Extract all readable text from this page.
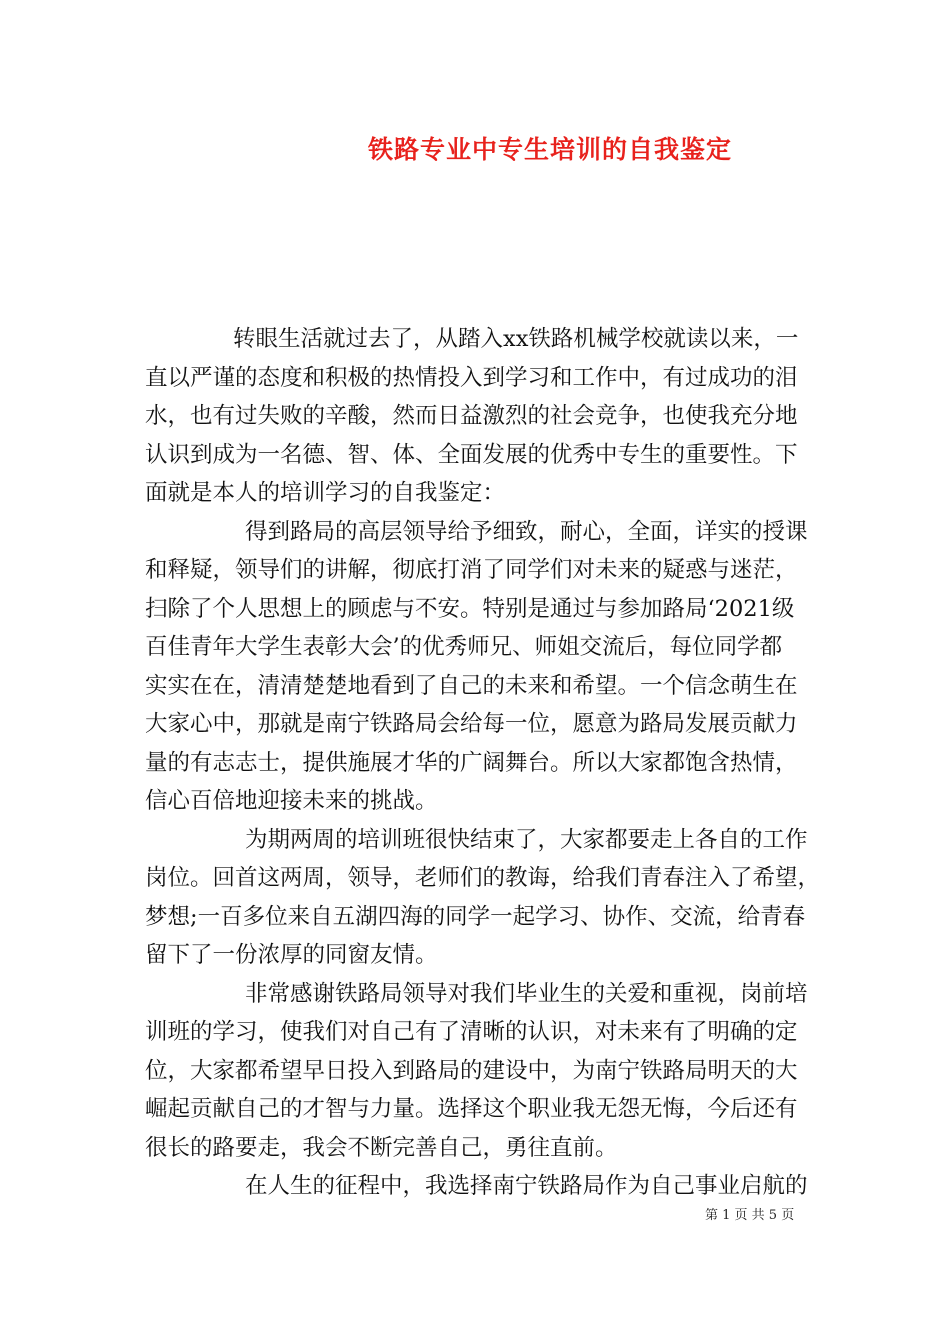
铁路专业中专生培训的自我鉴定
转眼生活就过去了，从踏入xx铁路机械学校就读以来，一
直以严谨的态度和积极的热情投入到学习和工作中，有过成功的泪
水，也有过失败的辛酸，然而日益激烈的社会竞争，也使我充分地
认识到成为一名德、智、体、全面发展的优秀中专生的重要性。下
面就是本人的培训学习的自我鉴定：
得到路局的高层领导给予细致，耐心，全面，详实的授课
和释疑，领导们的讲解，彻底打消了同学们对未来的疑惑与迷茫，
扫除了个人思想上的顾虑与不安。特别是通过与参加路局‘2021级
百佳青年大学生表彰大会’的优秀师兄、师姐交流后，每位同学都
实实在在，清清楚楚地看到了自己的未来和希望。一个信念萌生在
大家心中，那就是南宁铁路局会给每一位，愿意为路局发展贡献力
量的有志志士，提供施展才华的广阔舞台。所以大家都饱含热情，
信心百倍地迎接未来的挑战。
为期两周的培训班很快结束了，大家都要走上各自的工作
岗位。回首这两周，领导，老师们的教诲，给我们青春注入了希望，
梦想;一百多位来自五湖四海的同学一起学习、协作、交流，给青春
留下了一份浓厚的同窗友情。
非常感谢铁路局领导对我们毕业生的关爱和重视，岗前培
训班的学习，使我们对自己有了清晰的认识，对未来有了明确的定
位，大家都希望早日投入到路局的建设中，为南宁铁路局明天的大
崛起贡献自己的才智与力量。选择这个职业我无怨无悔，今后还有
很长的路要走，我会不断完善自己，勇往直前。
在人生的征程中，我选择南宁铁路局作为自己事业启航的
第 1 页 共 5 页
